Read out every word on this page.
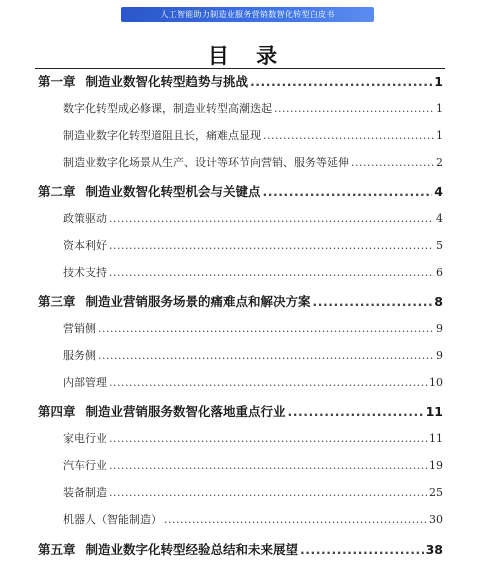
人工智能助力制造业服务营销数智化转型白皮书
目 录
第一章 制造业数智化转型趋势与挑战 .....	1
数字化转型成必修课，制造业转型高潮迭起 .....	1
制造业数字化转型道阻且长，痛难点显现 .....	1
制造业数字化场景从生产、设计等环节向营销、服务等延伸 .....	2
第二章 制造业数智化转型机会与关键点 .....	4
政策驱动 .....	4
资本利好 .....	5
技术支持 .....	6
第三章 制造业营销服务场景的痛难点和解决方案 .....	8
营销侧 .....	9
服务侧 .....	9
内部管理 .....	10
第四章 制造业营销服务数智化落地重点行业 .....	11
家电行业 .....	11
汽车行业 .....	19
装备制造 .....	25
机器人（智能制造） .....	30
第五章 制造业数字化转型经验总结和未来展望 .....	38
